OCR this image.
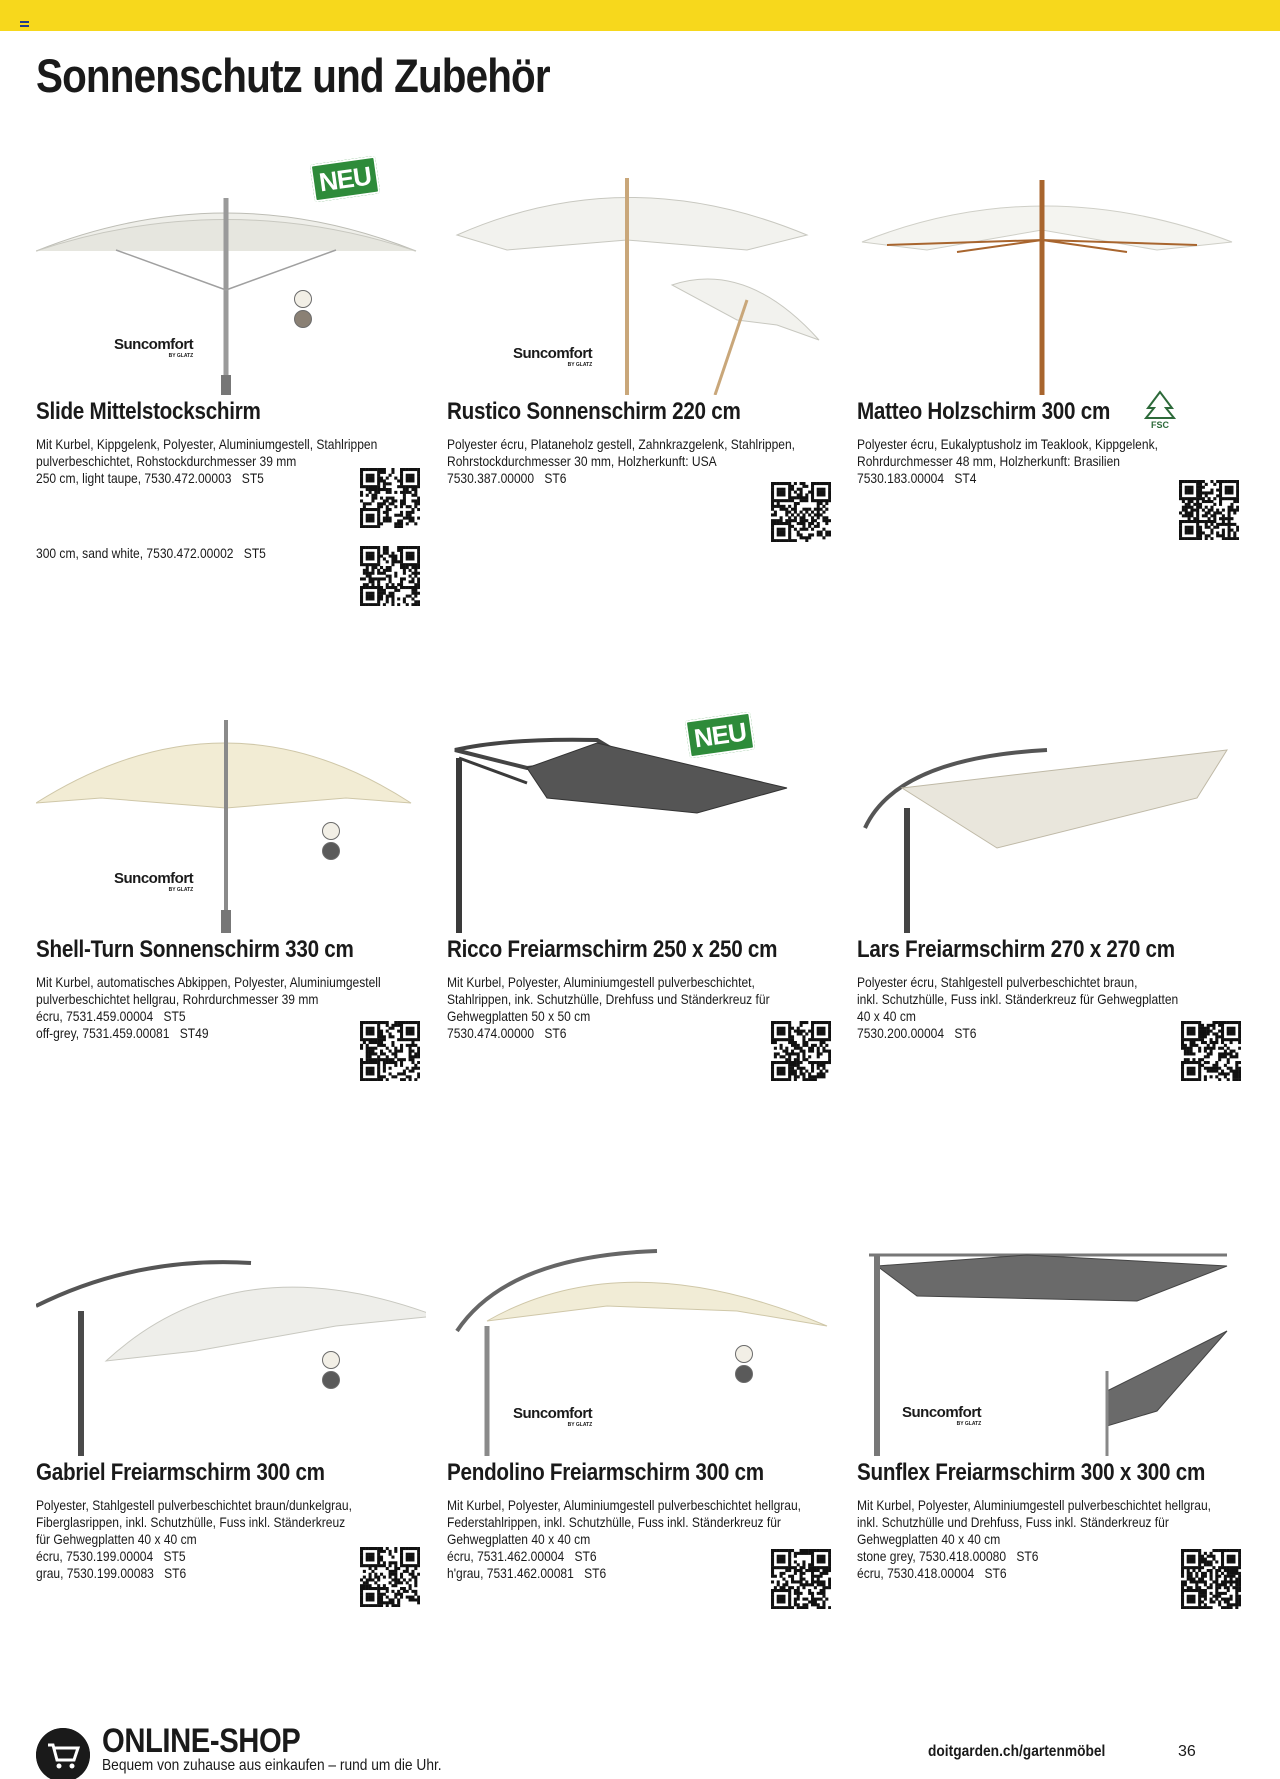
Sonnenschutz und Zubehör
NEU
Suncomfort
BY GLATZ
Slide Mittelstockschirm
Mit Kurbel, Kippgelenk, Polyester, Aluminiumgestell, Stahlrippen
pulverbeschichtet, Rohstockdurchmesser 39 mm
250 cm, light taupe, 7530.472.00003 ST5
300 cm, sand white, 7530.472.00002 ST5
Suncomfort
BY GLATZ
Rustico Sonnenschirm 220 cm
Polyester écru, Plataneholz gestell, Zahnkrazgelenk, Stahlrippen,
Rohrstockdurchmesser 30 mm, Holzherkunft: USA
7530.387.00000 ST6
Matteo Holzschirm 300 cm	FSC
Polyester écru, Eukalyptusholz im Teaklook, Kippgelenk,
Rohrdurchmesser 48 mm, Holzherkunft: Brasilien
7530.183.00004 ST4
Suncomfort
BY GLATZ
Shell-Turn Sonnenschirm 330 cm
Mit Kurbel, automatisches Abkippen, Polyester, Aluminiumgestell
pulverbeschichtet hellgrau, Rohrdurchmesser 39 mm
écru, 7531.459.00004 ST5
off-grey, 7531.459.00081 ST49
NEU
Ricco Freiarmschirm 250 x 250 cm
Mit Kurbel, Polyester, Aluminiumgestell pulverbeschichtet,
Stahlrippen, ink. Schutzhülle, Drehfuss und Ständerkreuz für
Gehwegplatten 50 x 50 cm
7530.474.00000 ST6
Lars Freiarmschirm 270 x 270 cm
Polyester écru, Stahlgestell pulverbeschichtet braun,
inkl. Schutzhülle, Fuss inkl. Ständerkreuz für Gehwegplatten
40 x 40 cm
7530.200.00004 ST6
Gabriel Freiarmschirm 300 cm
Polyester, Stahlgestell pulverbeschichtet braun/dunkelgrau,
Fiberglasrippen, inkl. Schutzhülle, Fuss inkl. Ständerkreuz
für Gehwegplatten 40 x 40 cm
écru, 7530.199.00004 ST5
grau, 7530.199.00083 ST6
Suncomfort
BY GLATZ
Pendolino Freiarmschirm 300 cm
Mit Kurbel, Polyester, Aluminiumgestell pulverbeschichtet hellgrau,
Federstahlrippen, inkl. Schutzhülle, Fuss inkl. Ständerkreuz für
Gehwegplatten 40 x 40 cm
écru, 7531.462.00004 ST6
h'grau, 7531.462.00081 ST6
Suncomfort
BY GLATZ
Sunflex Freiarmschirm 300 x 300 cm
Mit Kurbel, Polyester, Aluminiumgestell pulverbeschichtet hellgrau,
inkl. Schutzhülle und Drehfuss, Fuss inkl. Ständerkreuz für
Gehwegplatten 40 x 40 cm
stone grey, 7530.418.00080 ST6
écru, 7530.418.00004 ST6
ONLINE-SHOP
Bequem von zuhause aus einkaufen – rund um die Uhr.
doitgarden.ch/gartenmöbel	36
